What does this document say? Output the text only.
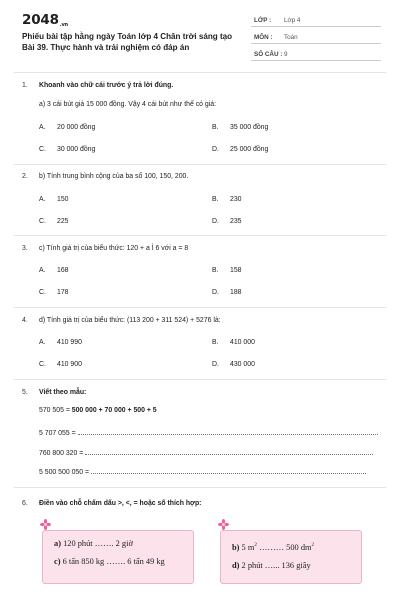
2048.vn
Phiếu bài tập hằng ngày Toán lớp 4 Chân trời sáng tạo Bài 39. Thực hành và trải nghiệm có đáp án
LỚP : Lớp 4
MÔN : Toán
SỐ CÂU : 9
1. Khoanh vào chữ cái trước ý trả lời đúng.
a) 3 cái bút giá 15 000 đồng. Vậy 4 cái bút như thế có giá:
A. 20 000 đồng	B. 35 000 đồng
C. 30 000 đồng	D. 25 000 đồng
2. b) Tính trung bình cộng của ba số 100, 150, 200.
A. 150	B. 230
C. 225	D. 235
3. c) Tính giá trị của biểu thức: 120 + a Ì 6 với a = 8
A. 168	B. 158
C. 178	D. 188
4. d) Tính giá trị của biểu thức: (113 200 + 311 524) + 5276 là:
A. 410 990	B. 410 000
C. 410 900	D. 430 000
5. Viết theo mẫu:
570 505 = 500 000 + 70 000 + 500 + 5
5 707 055 =
760 800 320 =
5 500 500 050 =
6. Điền vào chỗ chấm dấu >, <, = hoặc số thích hợp:
a) 120 phút ……. 2 giờ
c) 6 tấn 850 kg ……. 6 tấn 49 kg
b) 5 $m^2$ ……… 500 $dm^2$
d) 2 phút …... 136 giây
